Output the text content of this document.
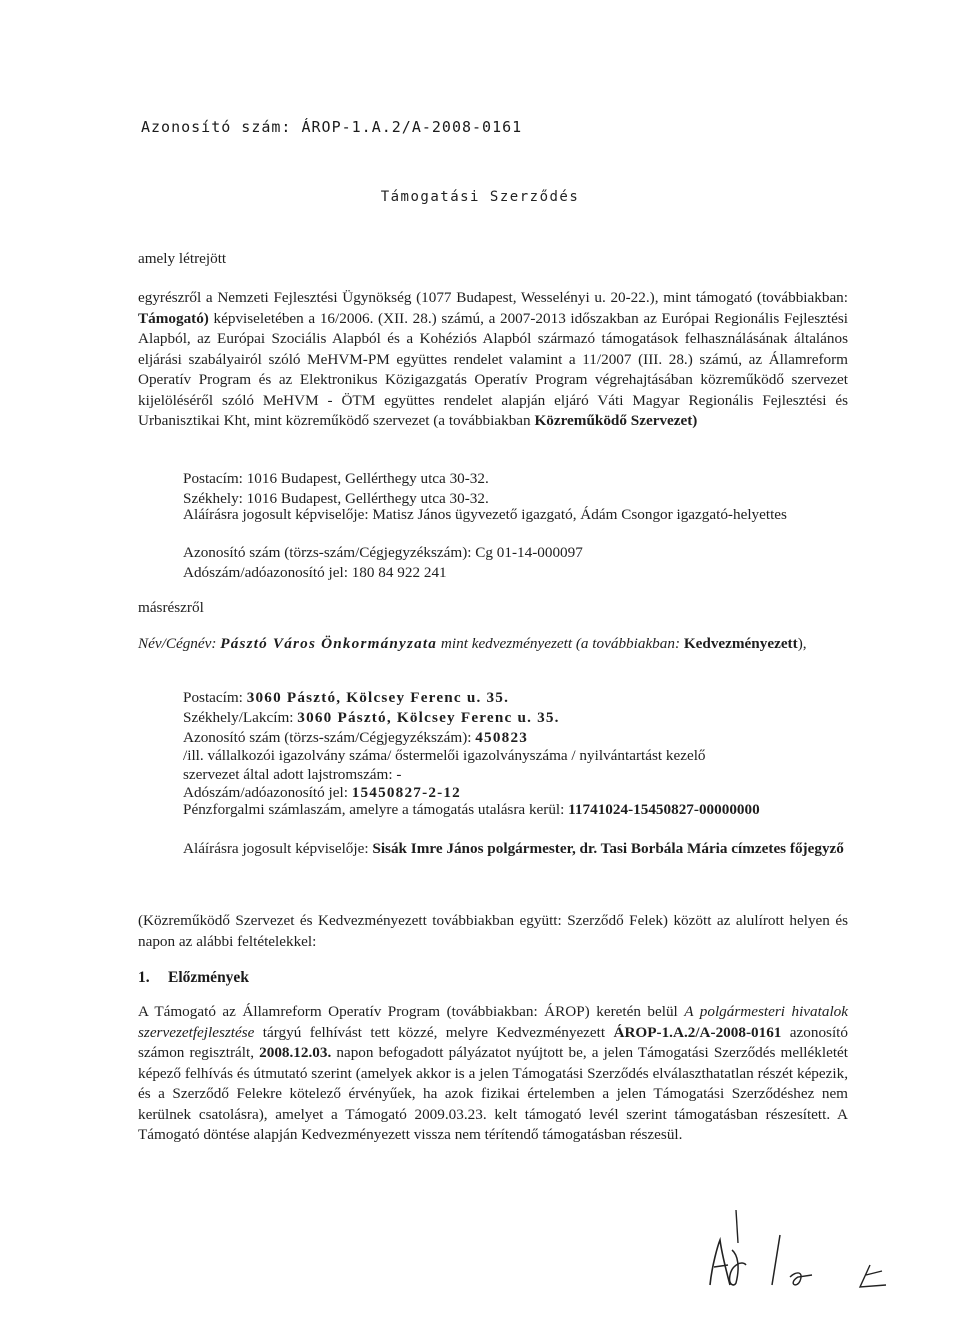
Azonosító szám: ÁROP-1.A.2/A-2008-0161

Támogatási Szerződés

amely létrejött

egyrészről a Nemzeti Fejlesztési Ügynökség (1077 Budapest, Wesselényi u. 20-22.), mint támogató (továbbiakban: Támogató) képviseletében a 16/2006. (XII. 28.) számú, a 2007-2013 időszakban az Európai Regionális Fejlesztési Alapból, az Európai Szociális Alapból és a Kohéziós Alapból származó támogatások felhasználásának általános eljárási szabályairól szóló MeHVM-PM együttes rendelet valamint a 11/2007 (III. 28.) számú, az Államreform Operatív Program és az Elektronikus Közigazgatás Operatív Program végrehajtásában közreműködő szervezet kijelöléséről szóló MeHVM - ÖTM együttes rendelet alapján eljáró Váti Magyar Regionális Fejlesztési és Urbanisztikai Kht, mint közreműködő szervezet (a továbbiakban Közreműködő Szervezet)

Postacím: 1016 Budapest, Gellérthegy utca 30-32.

Székhely: 1016 Budapest, Gellérthegy utca 30-32.

Aláírásra jogosult képviselője: Matisz János ügyvezető igazgató, Ádám Csongor igazgató-helyettes

Azonosító szám (törzs-szám/Cégjegyzékszám): Cg 01-14-000097

Adószám/adóazonosító jel: 180 84 922 241

másrészről

Név/Cégnév: Pásztó Város Önkormányzata mint kedvezményezett (a továbbiakban: Kedvezményezett),

Postacím: 3060 Pásztó, Kölcsey Ferenc u. 35.

Székhely/Lakcím: 3060 Pásztó, Kölcsey Ferenc u. 35.

Azonosító szám (törzs-szám/Cégjegyzékszám): 450823

/ill. vállalkozói igazolvány száma/ őstermelői igazolványszáma / nyilvántartást kezelő

szervezet által adott lajstromszám: -

Adószám/adóazonosító jel: 15450827-2-12

Pénzforgalmi számlaszám, amelyre a támogatás utalásra kerül: 11741024-15450827-00000000

Aláírásra jogosult képviselője: Sisák Imre János polgármester, dr. Tasi Borbála Mária címzetes főjegyző

(Közreműködő Szervezet és Kedvezményezett továbbiakban együtt: Szerződő Felek) között az alulírott helyen és napon az alábbi feltételekkel:

1. Előzmények

A Támogató az Államreform Operatív Program (továbbiakban: ÁROP) keretén belül A polgármesteri hivatalok szervezetfejlesztése tárgyú felhívást tett közzé, melyre Kedvezményezett ÁROP-1.A.2/A-2008-0161 azonosító számon regisztrált, 2008.12.03. napon befogadott pályázatot nyújtott be, a jelen Támogatási Szerződés mellékletét képező felhívás és útmutató szerint (amelyek akkor is a jelen Támogatási Szerződés elválaszthatatlan részét képezik, és a Szerződő Felekre kötelező érvényűek, ha azok fizikai értelemben a jelen Támogatási Szerződéshez nem kerülnek csatolásra), amelyet a Támogató 2009.03.23. kelt támogató levél szerint támogatásban részesített. A Támogató döntése alapján Kedvezményezett vissza nem térítendő támogatásban részesül.
